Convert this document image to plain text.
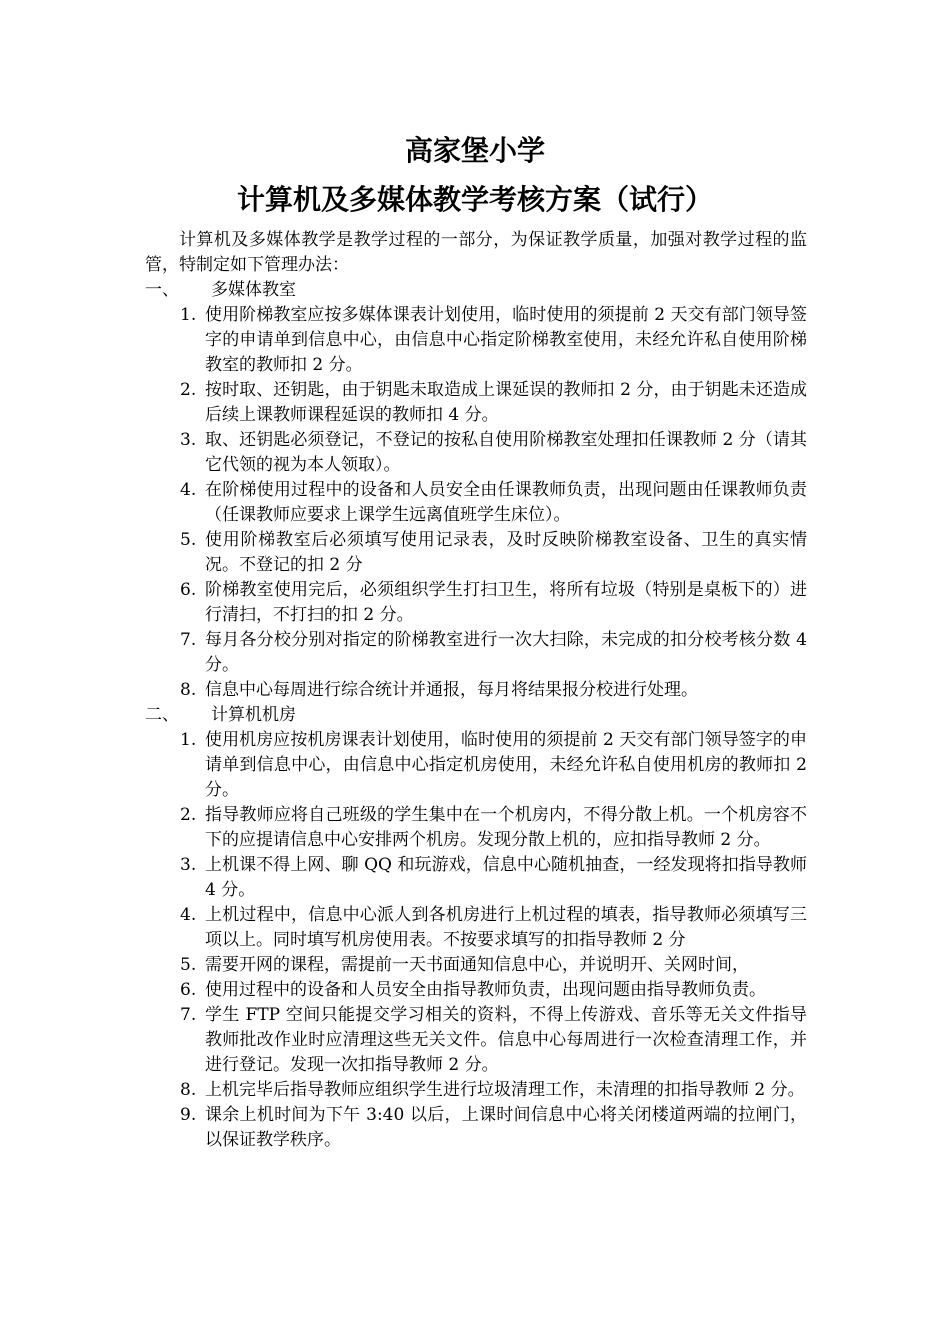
高家堡小学
计算机及多媒体教学考核方案（试行）

计算机及多媒体教学是教学过程的一部分，为保证教学质量，加强对教学过程的监管，特制定如下管理办法：

一、 多媒体教室
1. 使用阶梯教室应按多媒体课表计划使用，临时使用的须提前 2 天交有部门领导签字的申请单到信息中心，由信息中心指定阶梯教室使用，未经允许私自使用阶梯教室的教师扣 2 分。
2. 按时取、还钥匙，由于钥匙未取造成上课延误的教师扣 2 分，由于钥匙未还造成后续上课教师课程延误的教师扣 4 分。
3. 取、还钥匙必须登记，不登记的按私自使用阶梯教室处理扣任课教师 2 分（请其它代领的视为本人领取）。
4. 在阶梯使用过程中的设备和人员安全由任课教师负责，出现问题由任课教师负责（任课教师应要求上课学生远离值班学生床位）。
5. 使用阶梯教室后必须填写使用记录表，及时反映阶梯教室设备、卫生的真实情况。不登记的扣 2 分
6. 阶梯教室使用完后，必须组织学生打扫卫生，将所有垃圾（特别是桌板下的）进行清扫，不打扫的扣 2 分。
7. 每月各分校分别对指定的阶梯教室进行一次大扫除，未完成的扣分校考核分数 4 分。
8. 信息中心每周进行综合统计并通报，每月将结果报分校进行处理。
二、 计算机机房
1. 使用机房应按机房课表计划使用，临时使用的须提前 2 天交有部门领导签字的申请单到信息中心，由信息中心指定机房使用，未经允许私自使用机房的教师扣 2 分。
2. 指导教师应将自己班级的学生集中在一个机房内，不得分散上机。一个机房容不下的应提请信息中心安排两个机房。发现分散上机的，应扣指导教师 2 分。
3. 上机课不得上网、聊 QQ 和玩游戏，信息中心随机抽查，一经发现将扣指导教师 4 分。
4. 上机过程中，信息中心派人到各机房进行上机过程的填表，指导教师必须填写三项以上。同时填写机房使用表。不按要求填写的扣指导教师 2 分
5. 需要开网的课程，需提前一天书面通知信息中心，并说明开、关网时间，
6. 使用过程中的设备和人员安全由指导教师负责，出现问题由指导教师负责。
7. 学生 FTP 空间只能提交学习相关的资料，不得上传游戏、音乐等无关文件指导教师批改作业时应清理这些无关文件。信息中心每周进行一次检查清理工作，并进行登记。发现一次扣指导教师 2 分。
8. 上机完毕后指导教师应组织学生进行垃圾清理工作，未清理的扣指导教师 2 分。
9. 课余上机时间为下午 3:40 以后，上课时间信息中心将关闭楼道两端的拉闸门，以保证教学秩序。
